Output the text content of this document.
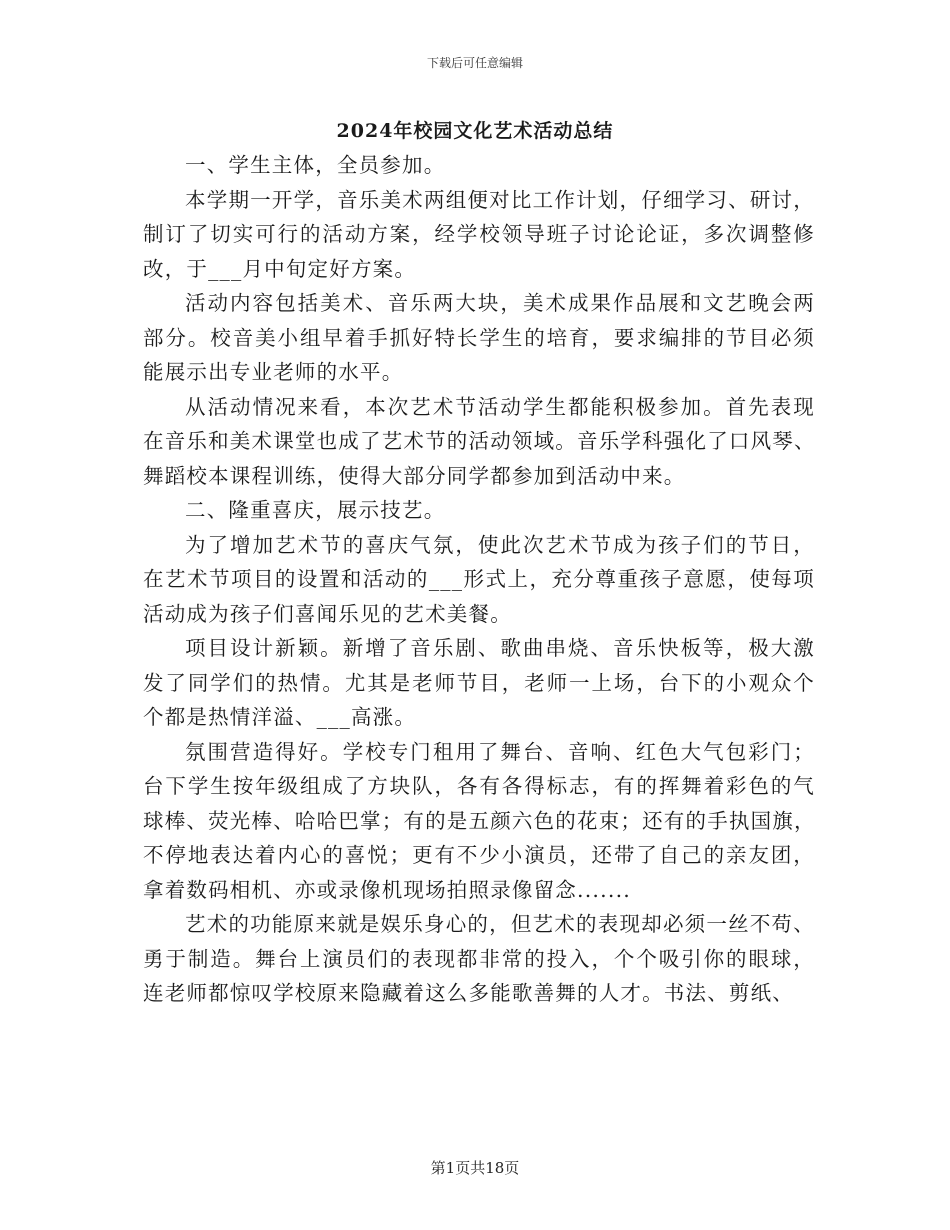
下载后可任意编辑
2024年校园文化艺术活动总结
一、学生主体，全员参加。
本学期一开学，音乐美术两组便对比工作计划，仔细学习、研讨，
制订了切实可行的活动方案，经学校领导班子讨论论证，多次调整修
改，于___月中旬定好方案。
活动内容包括美术、音乐两大块，美术成果作品展和文艺晚会两
部分。校音美小组早着手抓好特长学生的培育，要求编排的节目必须
能展示出专业老师的水平。
从活动情况来看，本次艺术节活动学生都能积极参加。首先表现
在音乐和美术课堂也成了艺术节的活动领域。音乐学科强化了口风琴、
舞蹈校本课程训练，使得大部分同学都参加到活动中来。
二、隆重喜庆，展示技艺。
为了增加艺术节的喜庆气氛，使此次艺术节成为孩子们的节日，
在艺术节项目的设置和活动的___形式上，充分尊重孩子意愿，使每项
活动成为孩子们喜闻乐见的艺术美餐。
项目设计新颖。新增了音乐剧、歌曲串烧、音乐快板等，极大激
发了同学们的热情。尤其是老师节目，老师一上场，台下的小观众个
个都是热情洋溢、___高涨。
氛围营造得好。学校专门租用了舞台、音响、红色大气包彩门；
台下学生按年级组成了方块队，各有各得标志，有的挥舞着彩色的气
球棒、荧光棒、哈哈巴掌；有的是五颜六色的花束；还有的手执国旗，
不停地表达着内心的喜悦；更有不少小演员，还带了自己的亲友团，
拿着数码相机、亦或录像机现场拍照录像留念.......
艺术的功能原来就是娱乐身心的，但艺术的表现却必须一丝不苟、
勇于制造。舞台上演员们的表现都非常的投入，个个吸引你的眼球，
连老师都惊叹学校原来隐藏着这么多能歌善舞的人才。书法、剪纸、
第1页共18页
